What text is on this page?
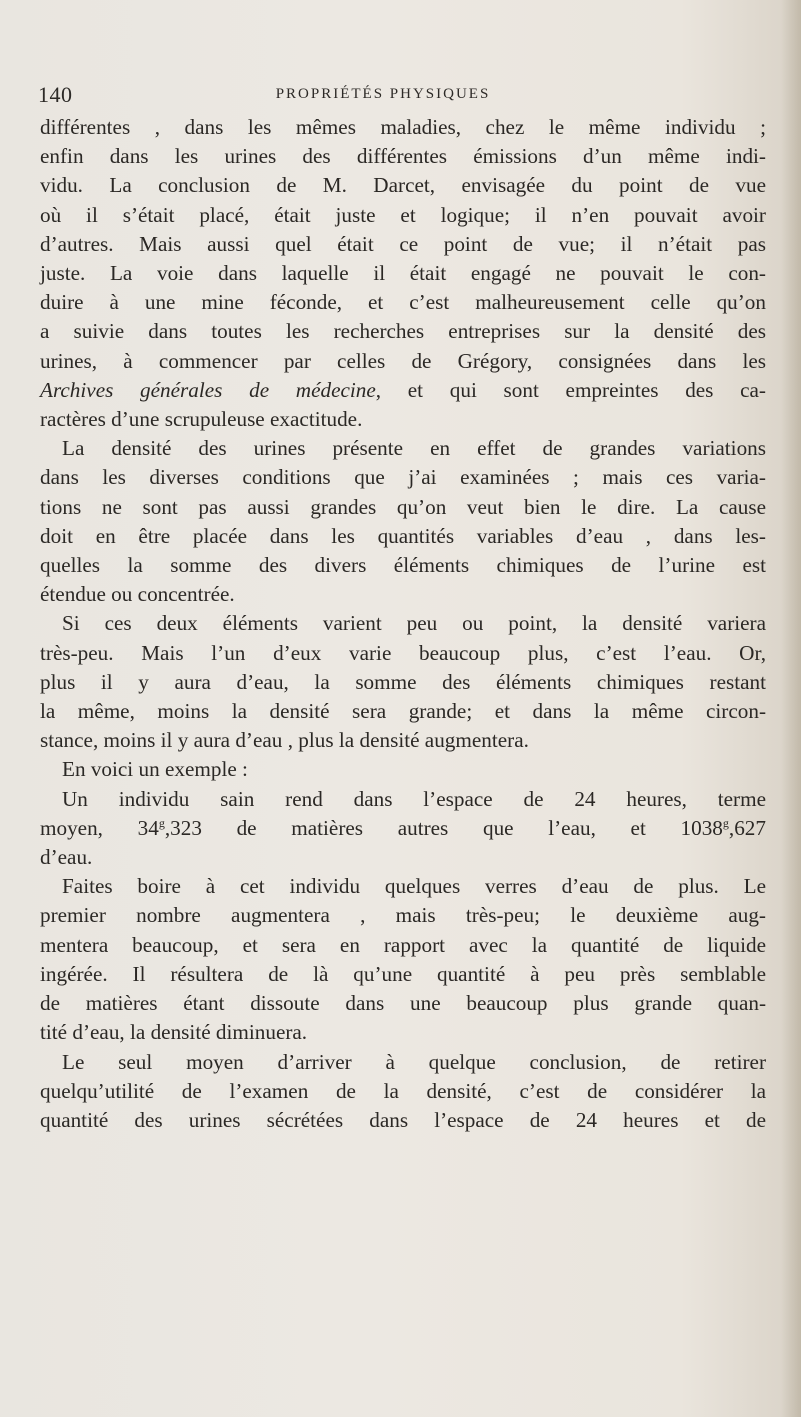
140	PROPRIÉTÉS PHYSIQUES
différentes , dans les mêmes maladies, chez le même individu ;
enfin dans les urines des différentes émissions d’un même indi-
vidu. La conclusion de M. Darcet, envisagée du point de vue
où il s’était placé, était juste et logique; il n’en pouvait avoir
d’autres. Mais aussi quel était ce point de vue; il n’était pas
juste. La voie dans laquelle il était engagé ne pouvait le con-
duire à une mine féconde, et c’est malheureusement celle qu’on
a suivie dans toutes les recherches entreprises sur la densité des
urines, à commencer par celles de Grégory, consignées dans les
Archives générales de médecine, et qui sont empreintes des ca-
ractères d’une scrupuleuse exactitude.
La densité des urines présente en effet de grandes variations
dans les diverses conditions que j’ai examinées ; mais ces varia-
tions ne sont pas aussi grandes qu’on veut bien le dire. La cause
doit en être placée dans les quantités variables d’eau , dans les-
quelles la somme des divers éléments chimiques de l’urine est
étendue ou concentrée.
Si ces deux éléments varient peu ou point, la densité variera
très-peu. Mais l’un d’eux varie beaucoup plus, c’est l’eau. Or,
plus il y aura d’eau, la somme des éléments chimiques restant
la même, moins la densité sera grande; et dans la même circon-
stance, moins il y aura d’eau , plus la densité augmentera.
En voici un exemple :
Un individu sain rend dans l’espace de 24 heures, terme
moyen, 34$^g$,323 de matières autres que l’eau, et 1038$^g$,627
d’eau.
Faites boire à cet individu quelques verres d’eau de plus. Le
premier nombre augmentera , mais très-peu; le deuxième aug-
mentera beaucoup, et sera en rapport avec la quantité de liquide
ingérée. Il résultera de là qu’une quantité à peu près semblable
de matières étant dissoute dans une beaucoup plus grande quan-
tité d’eau, la densité diminuera.
Le seul moyen d’arriver à quelque conclusion, de retirer
quelqu’utilité de l’examen de la densité, c’est de considérer la
quantité des urines sécrétées dans l’espace de 24 heures et de
